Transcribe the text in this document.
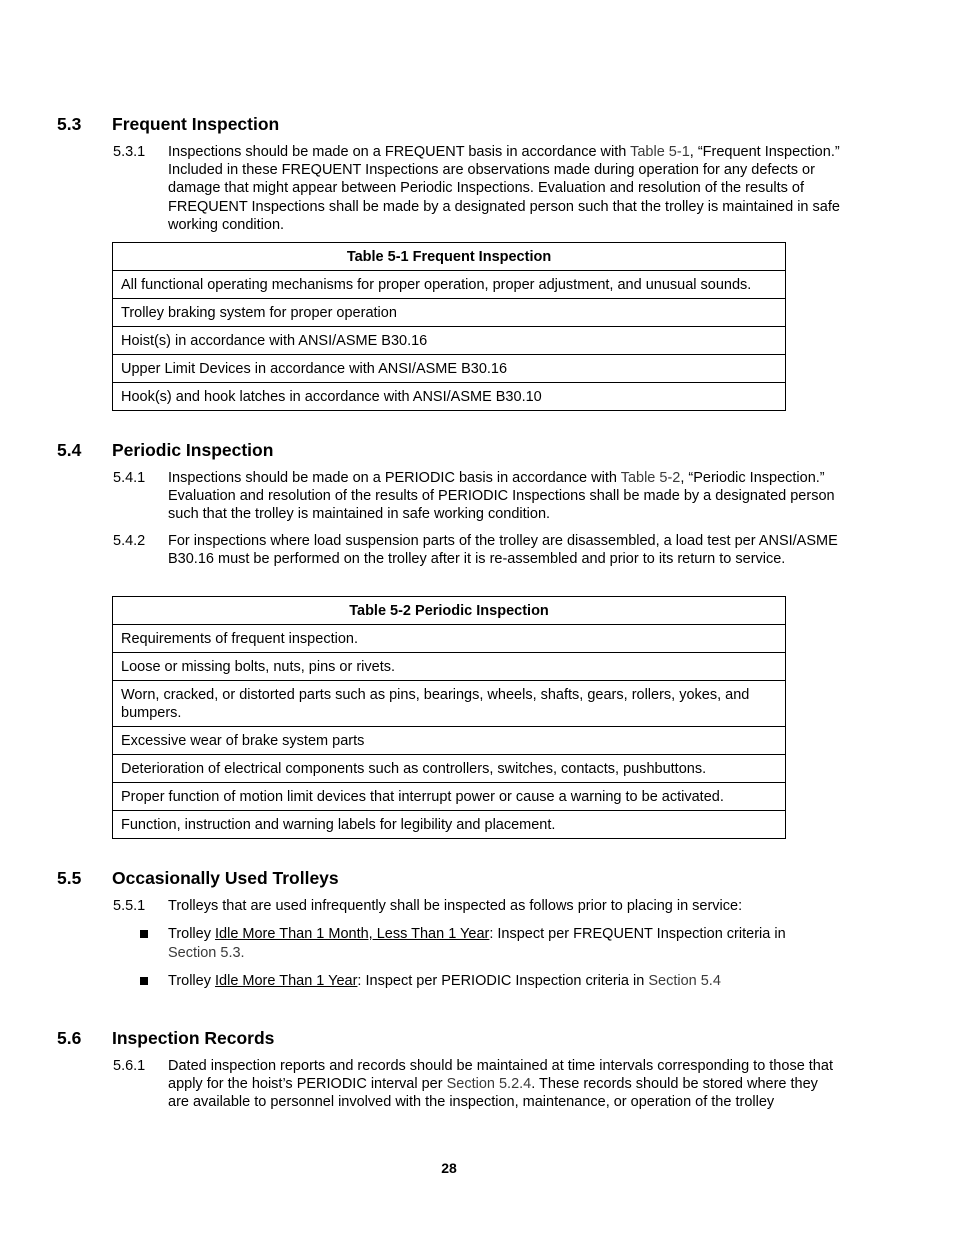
5.3 Frequent Inspection
5.3.1 Inspections should be made on a FREQUENT basis in accordance with Table 5-1, “Frequent Inspection.” Included in these FREQUENT Inspections are observations made during operation for any defects or damage that might appear between Periodic Inspections. Evaluation and resolution of the results of FREQUENT Inspections shall be made by a designated person such that the trolley is maintained in safe working condition.
Table 5-1 Frequent Inspection
All functional operating mechanisms for proper operation, proper adjustment, and unusual sounds.
Trolley braking system for proper operation
Hoist(s) in accordance with ANSI/ASME B30.16
Upper Limit Devices in accordance with ANSI/ASME B30.16
Hook(s) and hook latches in accordance with ANSI/ASME B30.10
5.4 Periodic Inspection
5.4.1 Inspections should be made on a PERIODIC basis in accordance with Table 5-2, “Periodic Inspection.” Evaluation and resolution of the results of PERIODIC Inspections shall be made by a designated person such that the trolley is maintained in safe working condition.
5.4.2 For inspections where load suspension parts of the trolley are disassembled, a load test per ANSI/ASME B30.16 must be performed on the trolley after it is re-assembled and prior to its return to service.
Table 5-2 Periodic Inspection
Requirements of frequent inspection.
Loose or missing bolts, nuts, pins or rivets.
Worn, cracked, or distorted parts such as pins, bearings, wheels, shafts, gears, rollers, yokes, and bumpers.
Excessive wear of brake system parts
Deterioration of electrical components such as controllers, switches, contacts, pushbuttons.
Proper function of motion limit devices that interrupt power or cause a warning to be activated.
Function, instruction and warning labels for legibility and placement.
5.5 Occasionally Used Trolleys
5.5.1 Trolleys that are used infrequently shall be inspected as follows prior to placing in service:
Trolley Idle More Than 1 Month, Less Than 1 Year: Inspect per FREQUENT Inspection criteria in Section 5.3.
Trolley Idle More Than 1 Year: Inspect per PERIODIC Inspection criteria in Section 5.4
5.6 Inspection Records
5.6.1 Dated inspection reports and records should be maintained at time intervals corresponding to those that apply for the hoist’s PERIODIC interval per Section 5.2.4. These records should be stored where they are available to personnel involved with the inspection, maintenance, or operation of the trolley
28
